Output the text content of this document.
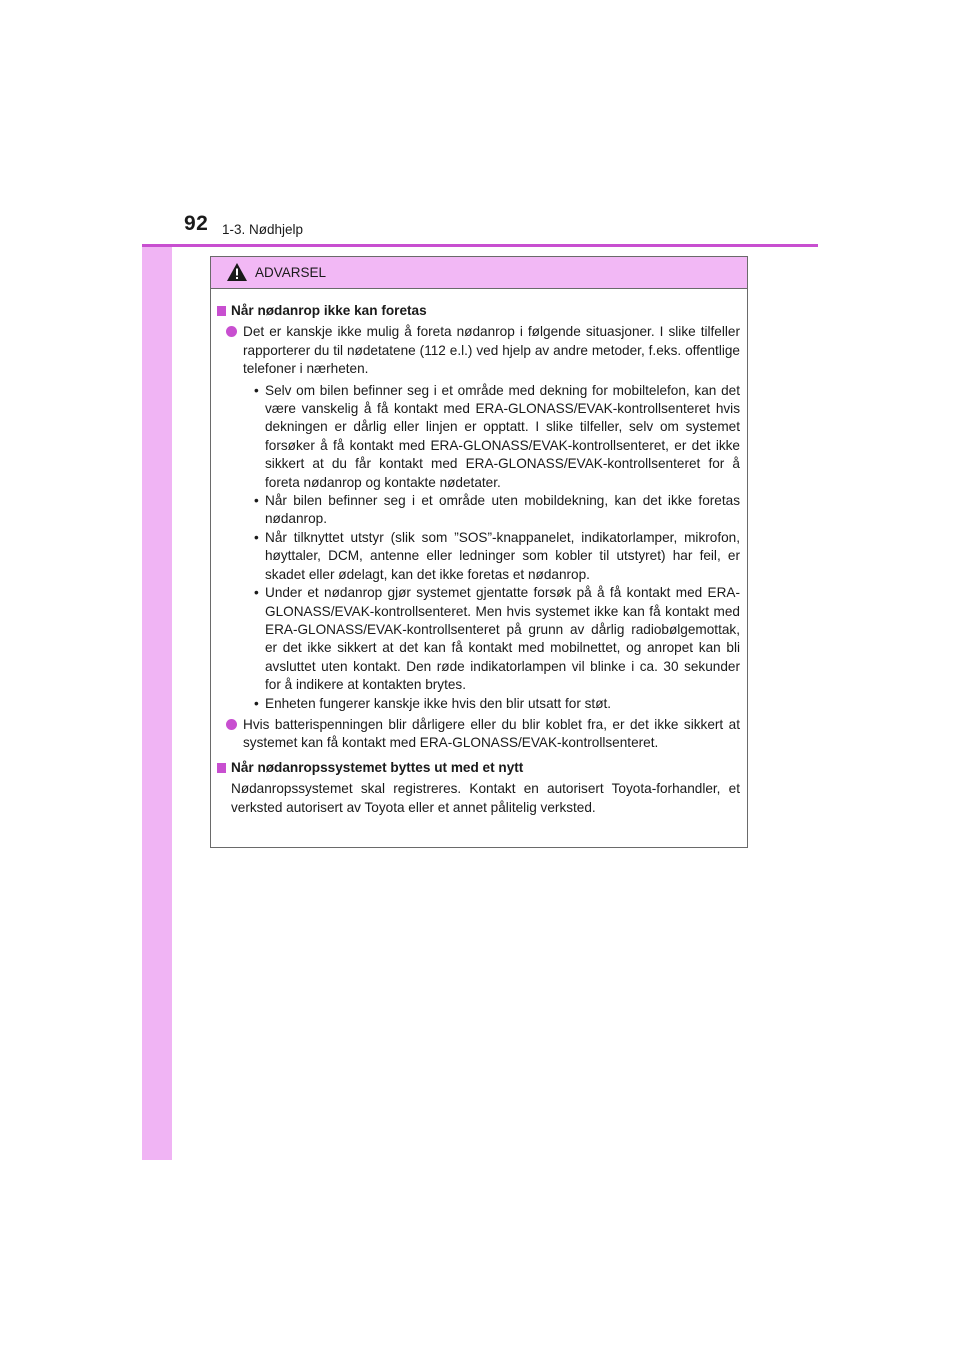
92 1-3. Nødhjelp
ADVARSEL
Når nødanrop ikke kan foretas
Det er kanskje ikke mulig å foreta nødanrop i følgende situasjoner. I slike tilfeller rapporterer du til nødetatene (112 e.l.) ved hjelp av andre metoder, f.eks. offentlige telefoner i nærheten.
• Selv om bilen befinner seg i et område med dekning for mobiltelefon, kan det være vanskelig å få kontakt med ERA-GLONASS/EVAK-kontrollsenteret hvis dekningen er dårlig eller linjen er opptatt. I slike tilfeller, selv om systemet forsøker å få kontakt med ERA-GLONASS/EVAK-kontrollsenteret, er det ikke sikkert at du får kontakt med ERA-GLONASS/EVAK-kontrollsenteret for å foreta nødanrop og kontakte nødetater.
• Når bilen befinner seg i et område uten mobildekning, kan det ikke foretas nødanrop.
• Når tilknyttet utstyr (slik som ”SOS”-knappanelet, indikatorlamper, mikrofon, høyttaler, DCM, antenne eller ledninger som kobler til utstyret) har feil, er skadet eller ødelagt, kan det ikke foretas et nødanrop.
• Under et nødanrop gjør systemet gjentatte forsøk på å få kontakt med ERA-GLONASS/EVAK-kontrollsenteret. Men hvis systemet ikke kan få kontakt med ERA-GLONASS/EVAK-kontrollsenteret på grunn av dårlig radiobølgemottak, er det ikke sikkert at det kan få kontakt med mobilnettet, og anropet kan bli avsluttet uten kontakt. Den røde indikatorlampen vil blinke i ca. 30 sekunder for å indikere at kontakten brytes.
• Enheten fungerer kanskje ikke hvis den blir utsatt for støt.
Hvis batterispenningen blir dårligere eller du blir koblet fra, er det ikke sikkert at systemet kan få kontakt med ERA-GLONASS/EVAK-kontrollsenteret.
Når nødanropssystemet byttes ut med et nytt
Nødanropssystemet skal registreres. Kontakt en autorisert Toyota-forhandler, et verksted autorisert av Toyota eller et annet pålitelig verksted.
